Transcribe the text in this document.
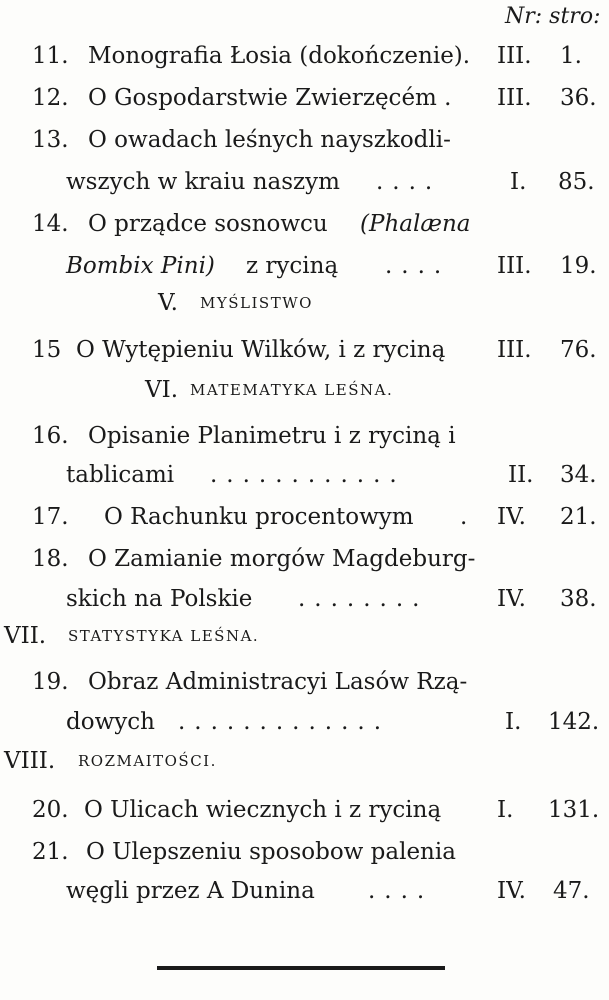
Nr: stro:
11. Monografia Łosia (dokończenie). III. 1.
12. O Gospodarstwie Zwierzęcém . III. 36.
13. O owadach leśnych nayszkodli-
wszych w kraiu naszym ....	I. 85.
14. O prządce sosnowcu (Phalæna
Bombix Pini) z ryciną .... III. 19.
V. MYŚLISTWO
15 O Wytępieniu Wilków, i z ryciną III. 76.
VI. MATEMATYKA LEŚNA.
16. Opisanie Planimetru i z ryciną i
tablicami ............	II. 34.
17. O Rachunku procentowym . IV. 21.
18. O Zamianie morgów Magdeburg-
skich na Polskie ........	IV. 38.
VII. STATYSTYKA LEŚNA.
19. Obraz Administracyi Lasów Rzą-
dowych .............	I. 142.
VIII. ROZMAITOŚCI.
20. O Ulicach wiecznych i z ryciną I. 131.
21. O Ulepszeniu sposobow palenia
węgli przez A Dunina ....	IV. 47.
